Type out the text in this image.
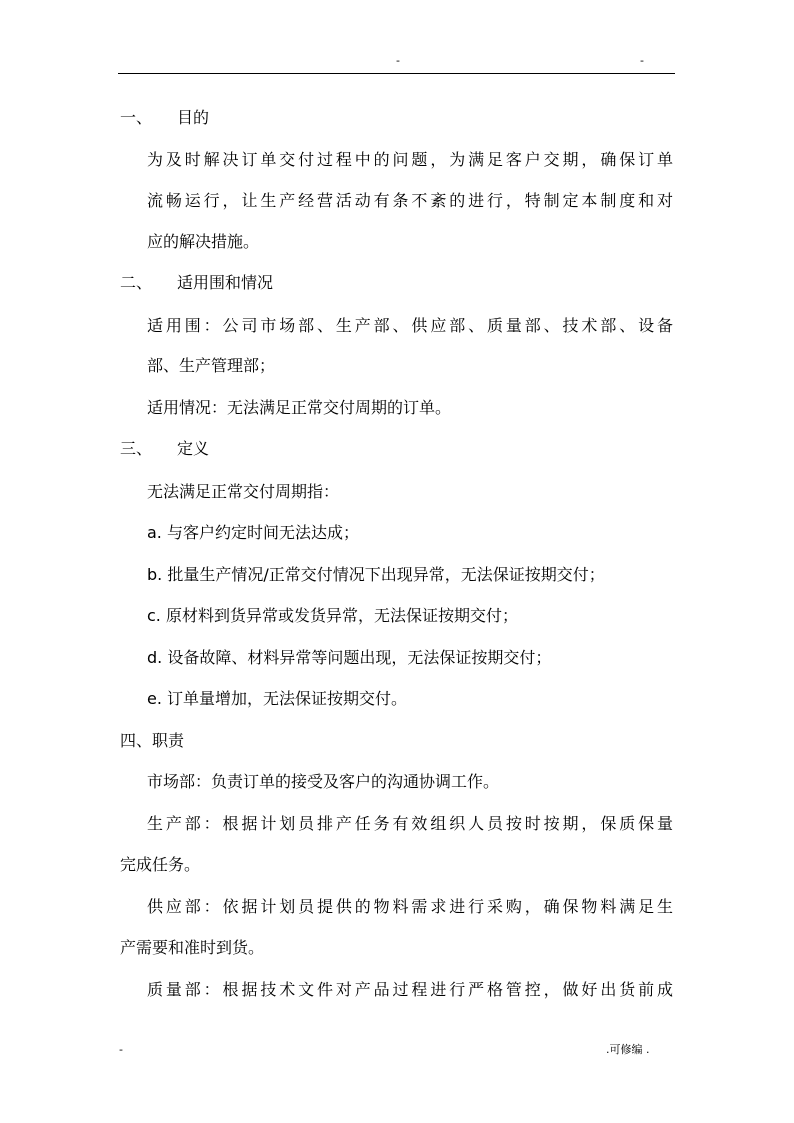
-	-
一、 目的
为及时解决订单交付过程中的问题，为满足客户交期，确保订单
流畅运行，让生产经营活动有条不紊的进行，特制定本制度和对
应的解决措施。
二、 适用围和情况
适用围：公司市场部、生产部、供应部、质量部、技术部、设备
部、生产管理部；
适用情况：无法满足正常交付周期的订单。
三、 定义
无法满足正常交付周期指：
a. 与客户约定时间无法达成；
b. 批量生产情况/正常交付情况下出现异常，无法保证按期交付；
c. 原材料到货异常或发货异常，无法保证按期交付；
d. 设备故障、材料异常等问题出现，无法保证按期交付；
e. 订单量增加，无法保证按期交付。
四、职责
市场部：负责订单的接受及客户的沟通协调工作。
生产部：根据计划员排产任务有效组织人员按时按期，保质保量
完成任务。
供应部：依据计划员提供的物料需求进行采购，确保物料满足生
产需要和准时到货。
质量部：根据技术文件对产品过程进行严格管控，做好出货前成
-	.可修编 .
